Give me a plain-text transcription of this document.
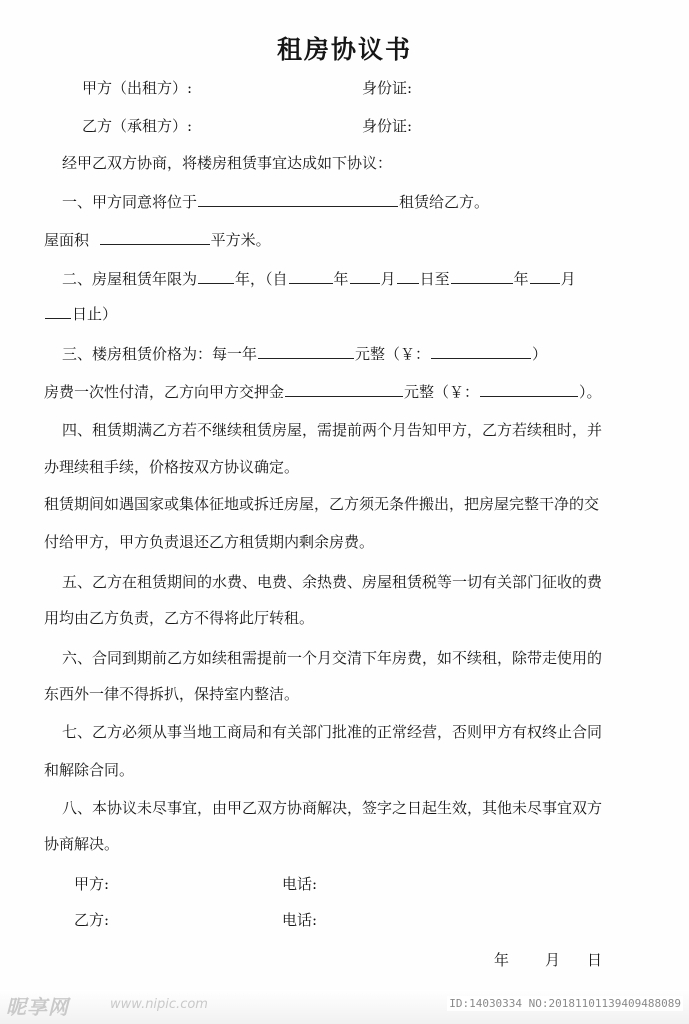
租房协议书
甲方（出租方）:	身份证:
乙方（承租方）:	身份证:
经甲乙双方协商，将楼房租赁事宜达成如下协议：
一、甲方同意将位于	租赁给乙方。
屋面积	平方米。
二、房屋租赁年限为	年，（自	年 月 日至	年 月
日止）
三、楼房租赁价格为：每一年	元整（￥：	）
房费一次性付清，乙方向甲方交押金	元整（￥：	）。
四、租赁期满乙方若不继续租赁房屋，需提前两个月告知甲方，乙方若续租时，并
办理续租手续，价格按双方协议确定。
租赁期间如遇国家或集体征地或拆迁房屋，乙方须无条件搬出，把房屋完整干净的交
付给甲方，甲方负责退还乙方租赁期内剩余房费。
五、乙方在租赁期间的水费、电费、余热费、房屋租赁税等一切有关部门征收的费
用均由乙方负责，乙方不得将此厅转租。
六、合同到期前乙方如续租需提前一个月交清下年房费，如不续租，除带走使用的
东西外一律不得拆扒，保持室内整洁。
七、乙方必须从事当地工商局和有关部门批准的正常经营，否则甲方有权终止合同
和解除合同。
八、本协议未尽事宜，由甲乙双方协商解决，签字之日起生效，其他未尽事宜双方
协商解决。
甲方:	电话:
乙方:	电话:
年 月 日
昵享网	www.nipic.com	ID:14030334 NO:20181101139409488089
